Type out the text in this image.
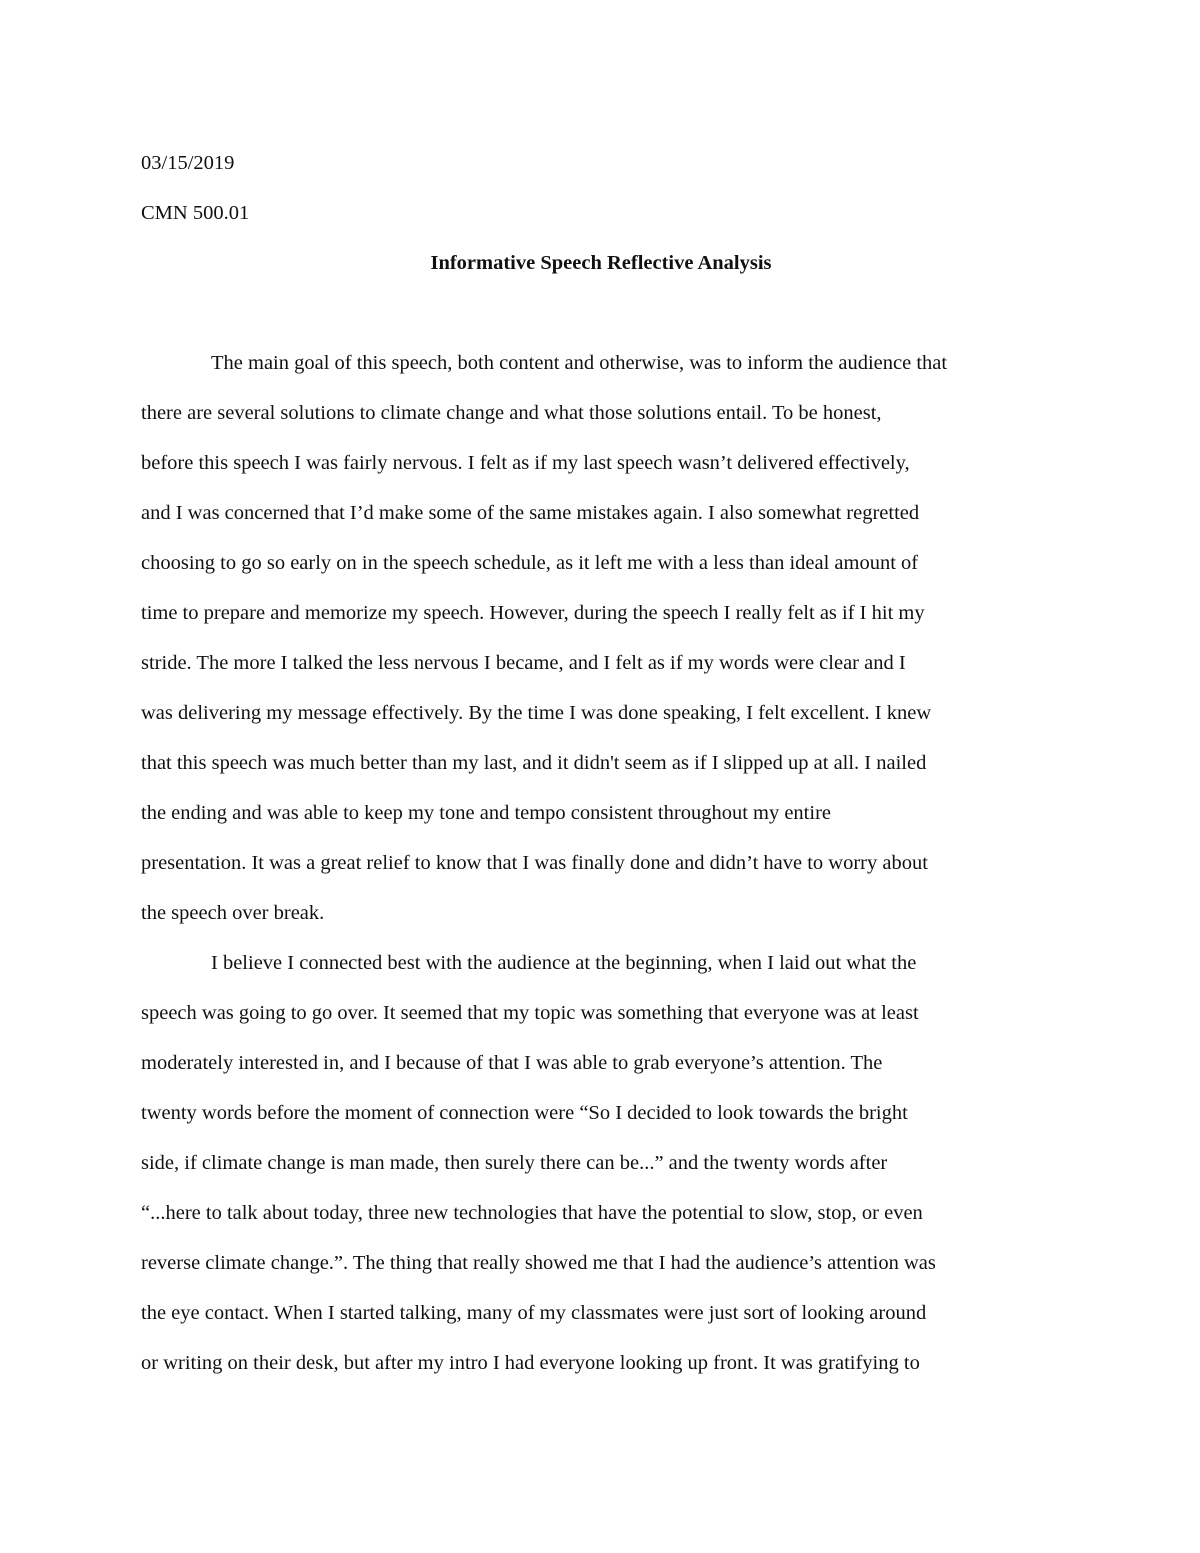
03/15/2019

CMN 500.01

Informative Speech Reflective Analysis

The main goal of this speech, both content and otherwise, was to inform the audience that
there are several solutions to climate change and what those solutions entail. To be honest,
before this speech I was fairly nervous. I felt as if my last speech wasn’t delivered effectively,
and I was concerned that I’d make some of the same mistakes again. I also somewhat regretted
choosing to go so early on in the speech schedule, as it left me with a less than ideal amount of
time to prepare and memorize my speech. However, during the speech I really felt as if I hit my
stride. The more I talked the less nervous I became, and I felt as if my words were clear and I
was delivering my message effectively. By the time I was done speaking, I felt excellent. I knew
that this speech was much better than my last, and it didn't seem as if I slipped up at all. I nailed
the ending and was able to keep my tone and tempo consistent throughout my entire
presentation. It was a great relief to know that I was finally done and didn’t have to worry about
the speech over break.

I believe I connected best with the audience at the beginning, when I laid out what the
speech was going to go over. It seemed that my topic was something that everyone was at least
moderately interested in, and I because of that I was able to grab everyone’s attention. The
twenty words before the moment of connection were “So I decided to look towards the bright
side, if climate change is man made, then surely there can be...” and the twenty words after
“...here to talk about today, three new technologies that have the potential to slow, stop, or even
reverse climate change.”. The thing that really showed me that I had the audience’s attention was
the eye contact. When I started talking, many of my classmates were just sort of looking around
or writing on their desk, but after my intro I had everyone looking up front. It was gratifying to
